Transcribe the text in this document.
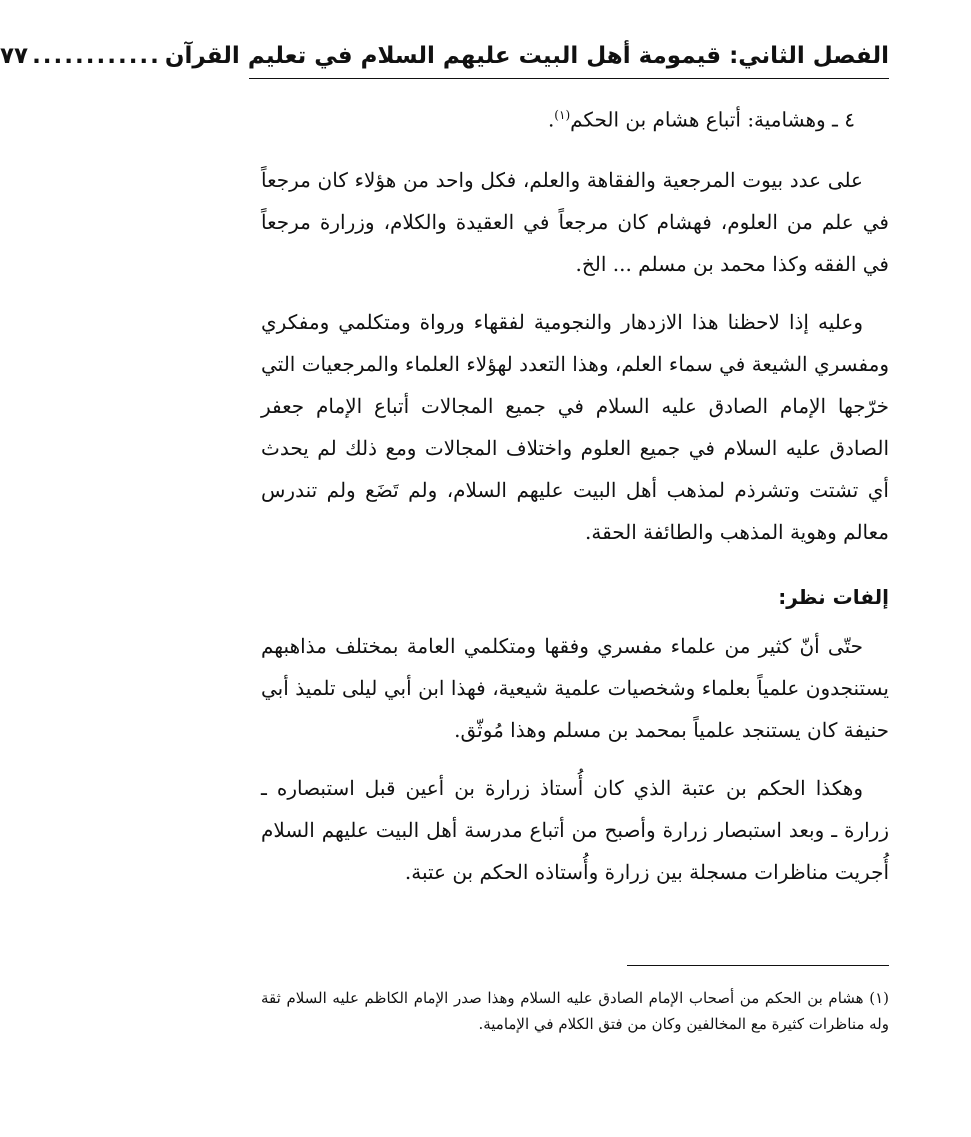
الفصل الثاني: قيمومة أهل البيت عليهم السلام في تعليم القرآن
............
٧٧

٤ ـ وهشامية: أتباع هشام بن الحكم$^{(١)}$.

على عدد بيوت المرجعية والفقاهة والعلم، فكل واحد من هؤلاء كان مرجعاً في علم من العلوم، فهشام كان مرجعاً في العقيدة والكلام، وزرارة مرجعاً في الفقه وكذا محمد بن مسلم ... الخ.

وعليه إذا لاحظنا هذا الازدهار والنجومية لفقهاء ورواة ومتكلمي ومفكري ومفسري الشيعة في سماء العلم، وهذا التعدد لهؤلاء العلماء والمرجعيات التي خرّجها الإمام الصادق عليه السلام في جميع المجالات أتباع الإمام جعفر الصادق عليه السلام في جميع العلوم واختلاف المجالات ومع ذلك لم يحدث أي تشتت وتشرذم لمذهب أهل البيت عليهم السلام، ولم تَضَع ولم تندرس معالم وهوية المذهب والطائفة الحقة.

إلفات نظر:

حتّى أنّ كثير من علماء مفسري وفقها ومتكلمي العامة بمختلف مذاهبهم يستنجدون علمياً بعلماء وشخصيات علمية شيعية، فهذا ابن أبي ليلى تلميذ أبي حنيفة كان يستنجد علمياً بمحمد بن مسلم وهذا مُوثّق.

وهكذا الحكم بن عتبة الذي كان أُستاذ زرارة بن أعين قبل استبصاره ـ زرارة ـ وبعد استبصار زرارة وأصبح من أتباع مدرسة أهل البيت عليهم السلام أُجريت مناظرات مسجلة بين زرارة وأُستاذه الحكم بن عتبة.

(١) هشام بن الحكم من أصحاب الإمام الصادق عليه السلام وهذا صدر الإمام الكاظم عليه السلام ثقة وله مناظرات كثيرة مع المخالفين وكان من فتق الكلام في الإمامية.
